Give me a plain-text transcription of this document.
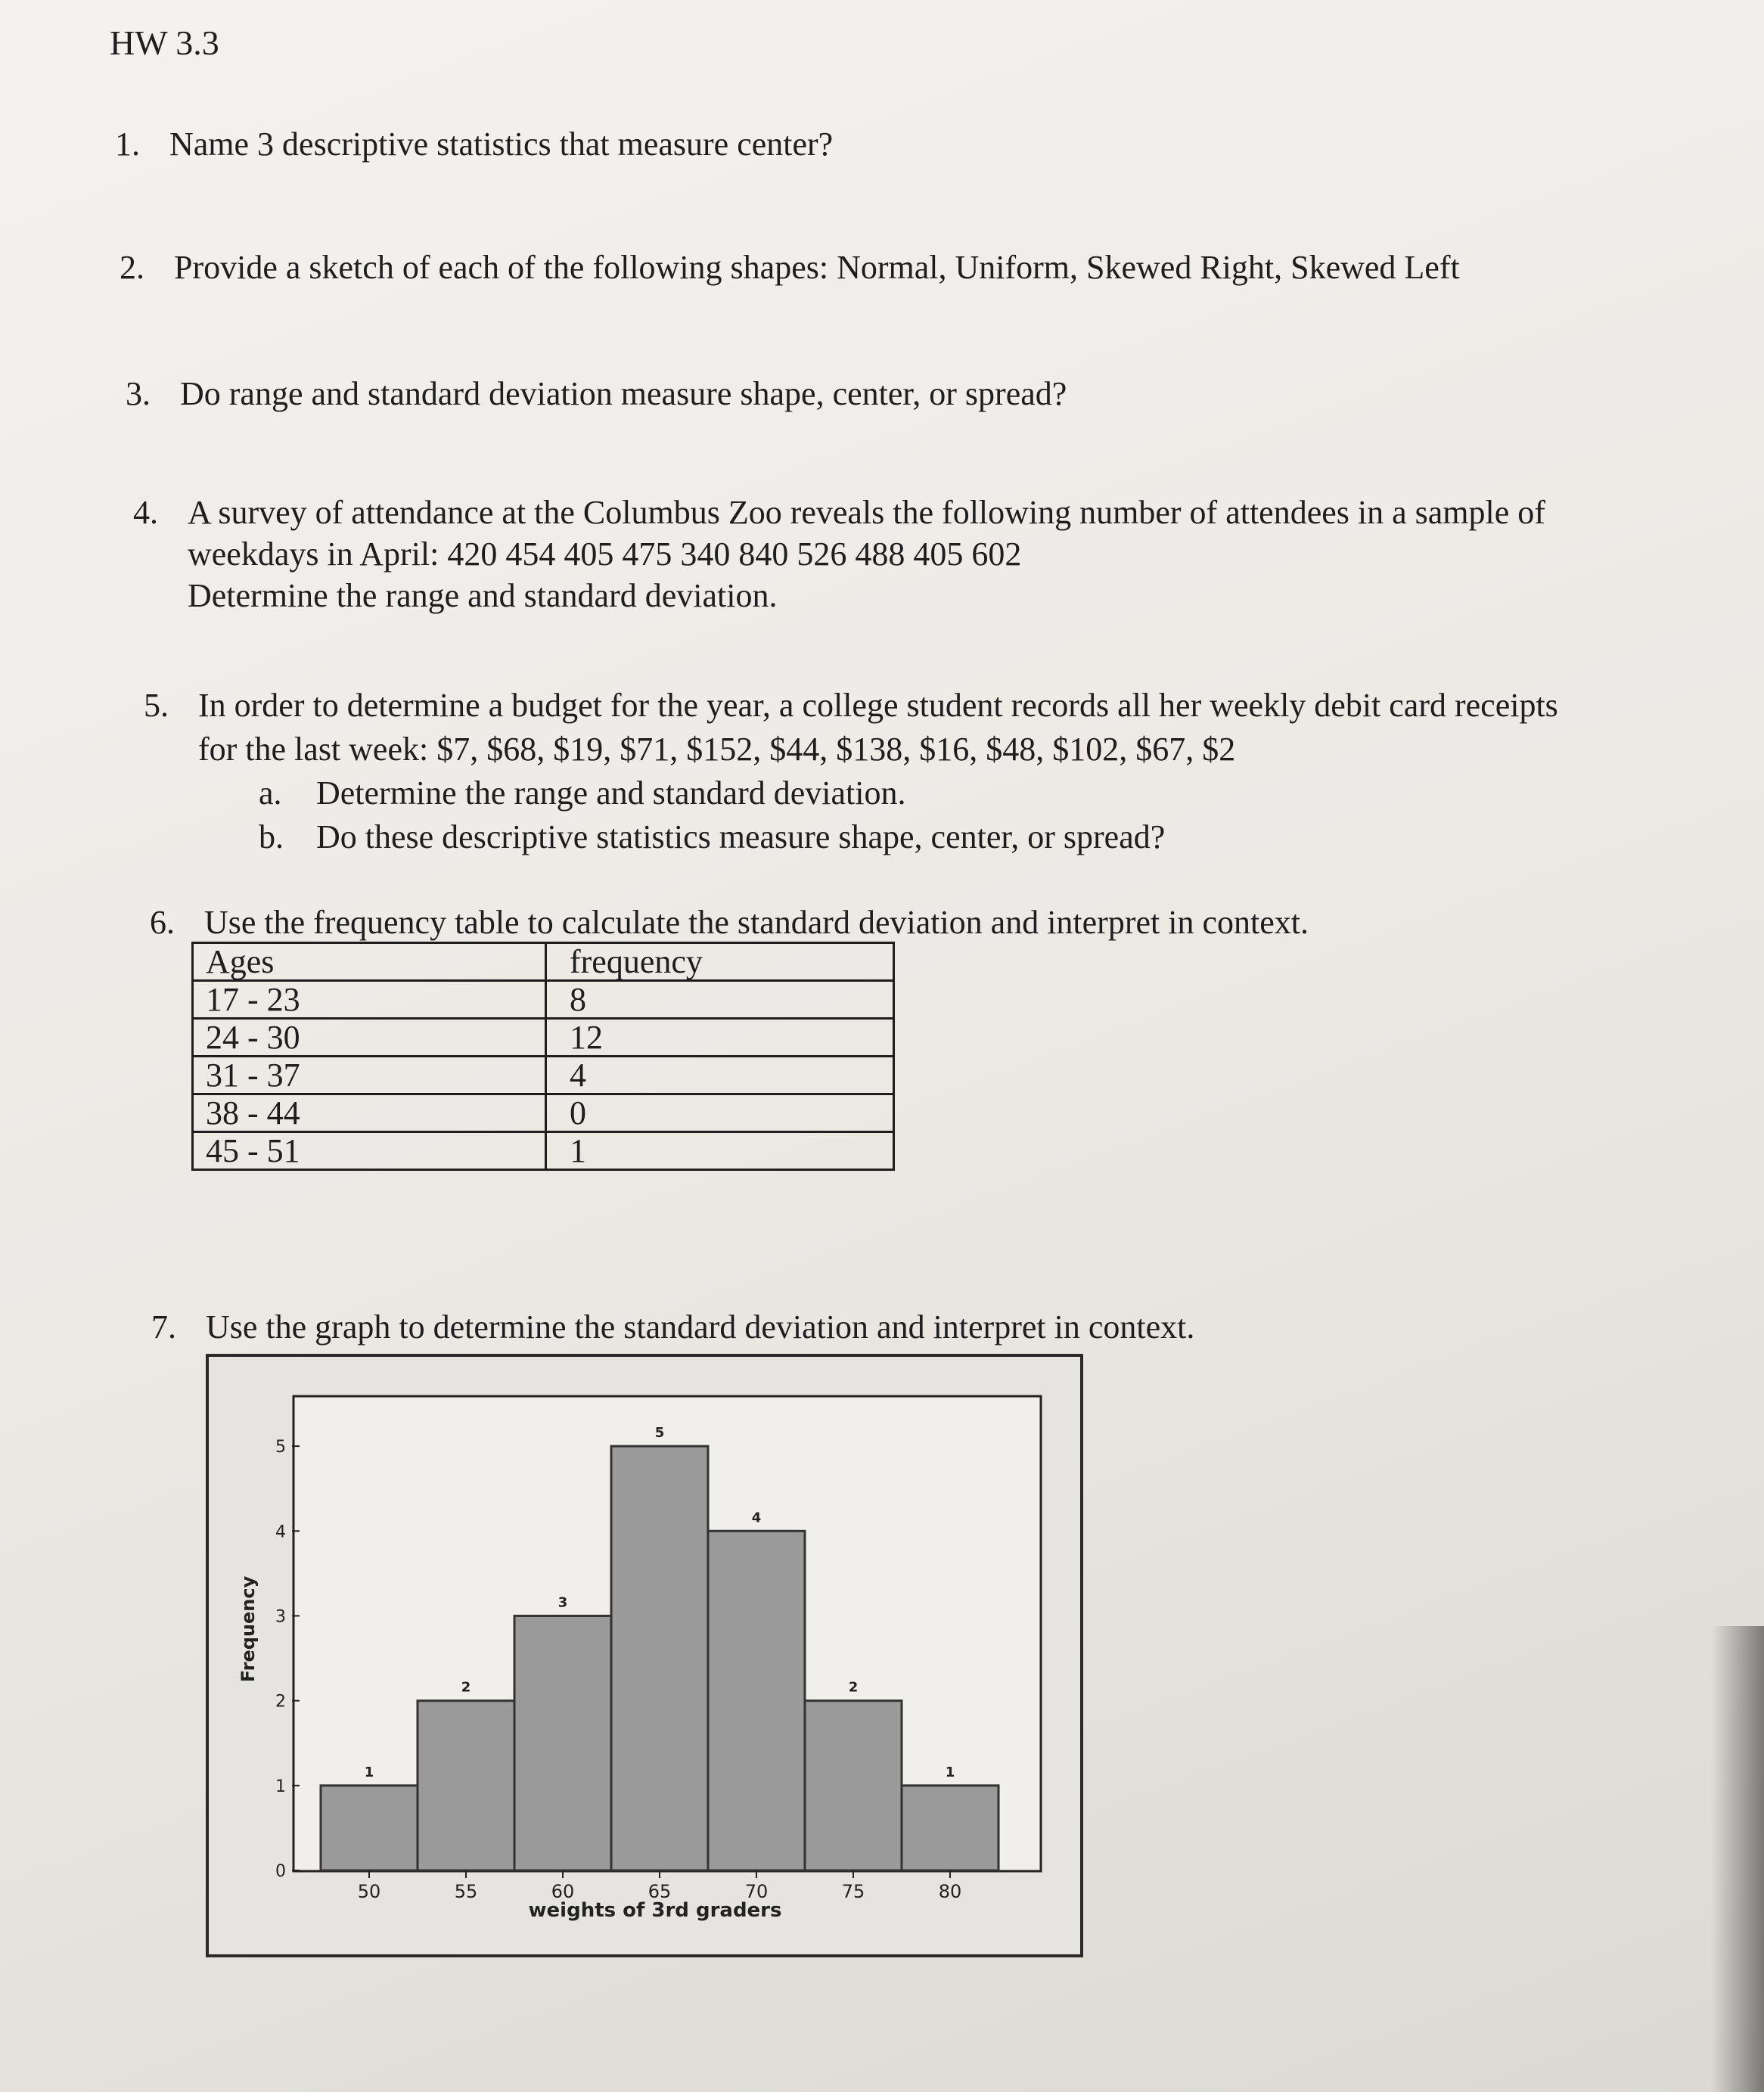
HW 3.3
1. Name 3 descriptive statistics that measure center?
2. Provide a sketch of each of the following shapes: Normal, Uniform, Skewed Right, Skewed Left
3. Do range and standard deviation measure shape, center, or spread?
4. A survey of attendance at the Columbus Zoo reveals the following number of attendees in a sample of
weekdays in April: 420 454 405 475 340 840 526 488 405 602
Determine the range and standard deviation.
5. In order to determine a budget for the year, a college student records all her weekly debit card receipts
for the last week: $7, $68, $19, $71, $152, $44, $138, $16, $48, $102, $67, $2
a. Determine the range and standard deviation.
b. Do these descriptive statistics measure shape, center, or spread?
6. Use the frequency table to calculate the standard deviation and interpret in context.
Ages	frequency
17 - 23	8
24 - 30	12
31 - 37	4
38 - 44	0
45 - 51	1
7. Use the graph to determine the standard deviation and interpret in context.
1
2
3
5
4
2
1
0
1
2
3
4
5
50	55	60	65	70	75	80
weights of 3rd graders
Frequency
